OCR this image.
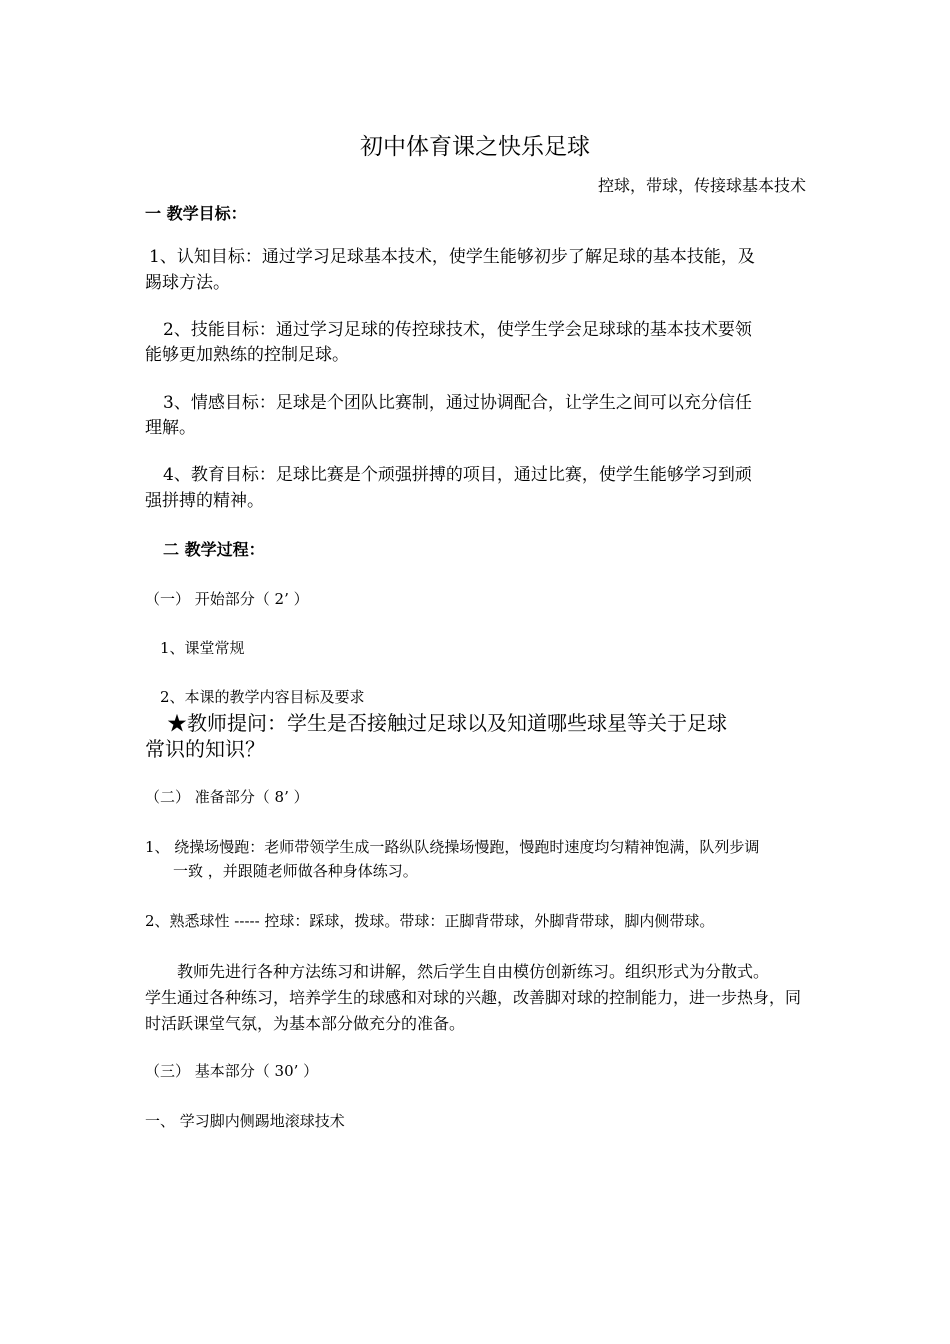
初中体育课之快乐足球
控球，带球，传接球基本技术
一 教学目标：
1、认知目标：通过学习足球基本技术，使学生能够初步了解足球的基本技能，及
踢球方法。
2、技能目标：通过学习足球的传控球技术，使学生学会足球球的基本技术要领
能够更加熟练的控制足球。
3、情感目标：足球是个团队比赛制，通过协调配合，让学生之间可以充分信任
理解。
4、教育目标：足球比赛是个顽强拼搏的项目，通过比赛，使学生能够学习到顽
强拼搏的精神。
二 教学过程：
（一） 开始部分（ 2’ ）
1、课堂常规
2、本课的教学内容目标及要求
★教师提问：学生是否接触过足球以及知道哪些球星等关于足球
常识的知识？
（二） 准备部分（ 8’ ）
1、 绕操场慢跑：老师带领学生成一路纵队绕操场慢跑，慢跑时速度均匀精神饱满，队列步调
一致 ，并跟随老师做各种身体练习。
2、熟悉球性 ----- 控球：踩球，拨球。带球：正脚背带球，外脚背带球，脚内侧带球。
教师先进行各种方法练习和讲解，然后学生自由模仿创新练习。组织形式为分散式。
学生通过各种练习，培养学生的球感和对球的兴趣，改善脚对球的控制能力，进一步热身，同
时活跃课堂气氛，为基本部分做充分的准备。
（三） 基本部分（ 30’ ）
一、 学习脚内侧踢地滚球技术
